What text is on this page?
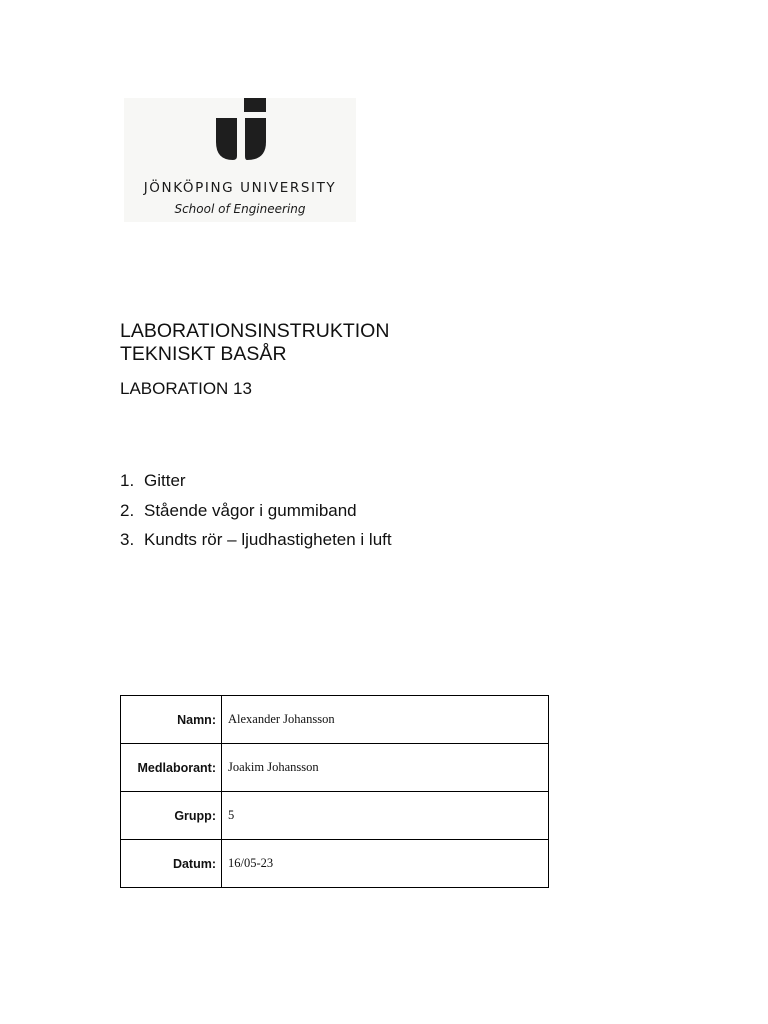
JÖNKÖPING UNIVERSITY
School of Engineering
LABORATIONSINSTRUKTION
TEKNISKT BASÅR
LABORATION 13
1. Gitter
2. Stående vågor i gummiband
3. Kundts rör – ljudhastigheten i luft
Namn:	Alexander Johansson
Medlaborant:	Joakim Johansson
Grupp:	5
Datum:	16/05-23
